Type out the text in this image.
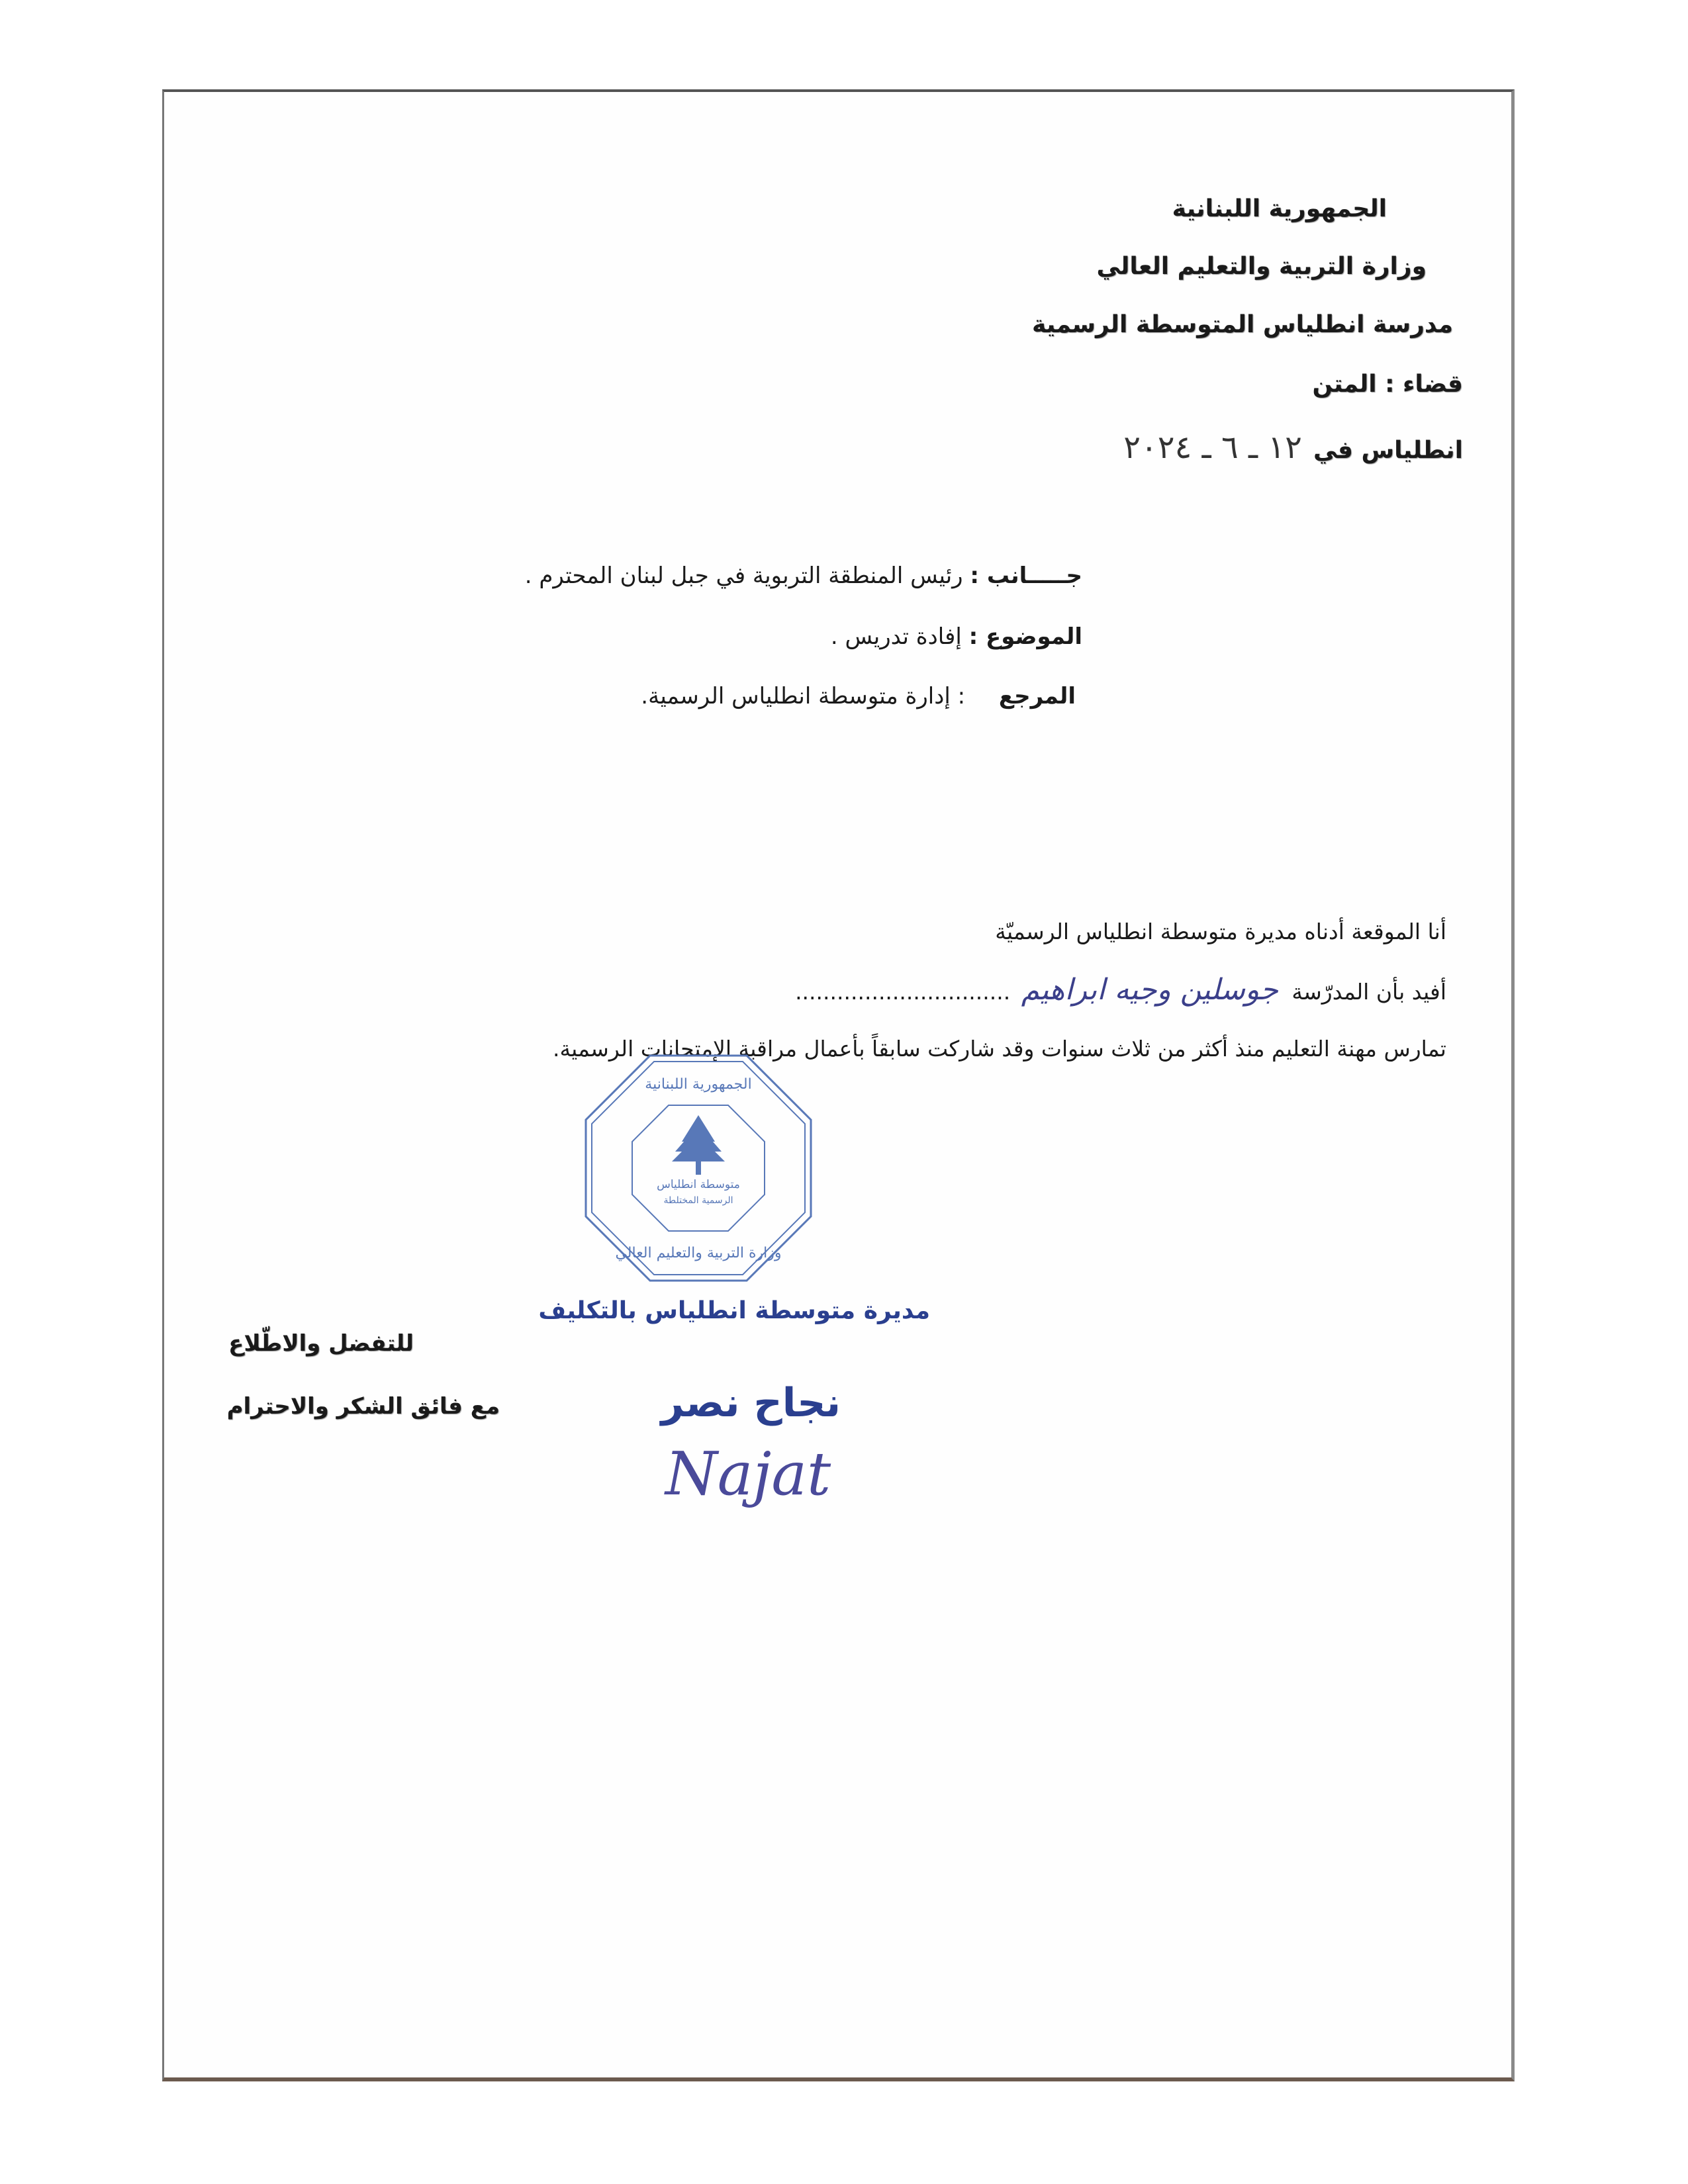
الجمهورية اللبنانية
وزارة التربية والتعليم العالي
مدرسة انطلياس المتوسطة الرسمية
قضاء : المتن
انطلياس في ١٢ ـ ٦ ـ ٢٠٢٤
جـــــانب : رئيس المنطقة التربوية في جبل لبنان المحترم .
الموضوع : إفادة تدريس .
المرجع : إدارة متوسطة انطلياس الرسمية.
أنا الموقعة أدناه مديرة متوسطة انطلياس الرسميّة
أفيد بأن المدرّسة جوسلين وجيه ابراهيم ...............................
تمارس مهنة التعليم منذ أكثر من ثلاث سنوات وقد شاركت سابقاً بأعمال مراقبة الإمتحانات الرسمية.
متوسطة انطلياس
الرسمية المختلطة
الجمهورية اللبنانية
وزارة التربية والتعليم العالي
مديرة متوسطة انطلياس بالتكليف
نجاح نصر
Najat
للتفضل والاطّلاع
مع فائق الشكر والاحترام
